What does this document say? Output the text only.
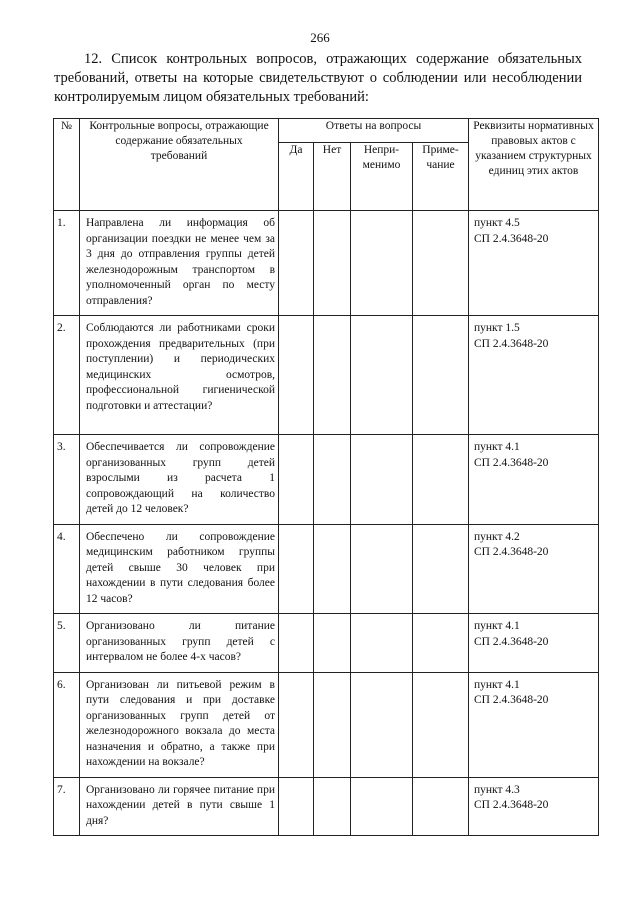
266

12. Список контрольных вопросов, отражающих содержание обязательных требований, ответы на которые свидетельствуют о соблюдении или несоблюдении контролируемым лицом обязательных требований:

№	Контрольные вопросы, отражающие содержание обязательных требований	Ответы на вопросы				Реквизиты нормативных правовых актов с указанием структурных единиц этих актов
		Да	Нет	Непри-менимо	Приме-чание	
1.	Направлена ли информация об организации поездки не менее чем за 3 дня до отправления группы детей железнодорожным транспортом в уполномоченный орган по месту отправления?					пункт 4.5
СП 2.4.3648-20

2.	Соблюдаются ли работниками сроки прохождения предварительных (при поступлении) и периодических медицинских осмотров, профессиональной гигиенической подготовки и аттестации?					пункт 1.5
СП 2.4.3648-20

3.	Обеспечивается ли сопровождение организованных групп детей взрослыми из расчета 1 сопровождающий на количество детей до 12 человек?					пункт 4.1
СП 2.4.3648-20

4.	Обеспечено ли сопровождение медицинским работником группы детей свыше 30 человек при нахождении в пути следования более 12 часов?					пункт 4.2
СП 2.4.3648-20

5.	Организовано ли питание организованных групп детей с интервалом не более 4-х часов?					пункт 4.1
СП 2.4.3648-20

6.	Организован ли питьевой режим в пути следования и при доставке организованных групп детей от железнодорожного вокзала до места назначения и обратно, а также при нахождении на вокзале?					пункт 4.1
СП 2.4.3648-20

7.	Организовано ли горячее питание при нахождении детей в пути свыше 1 дня?					пункт 4.3
СП 2.4.3648-20
